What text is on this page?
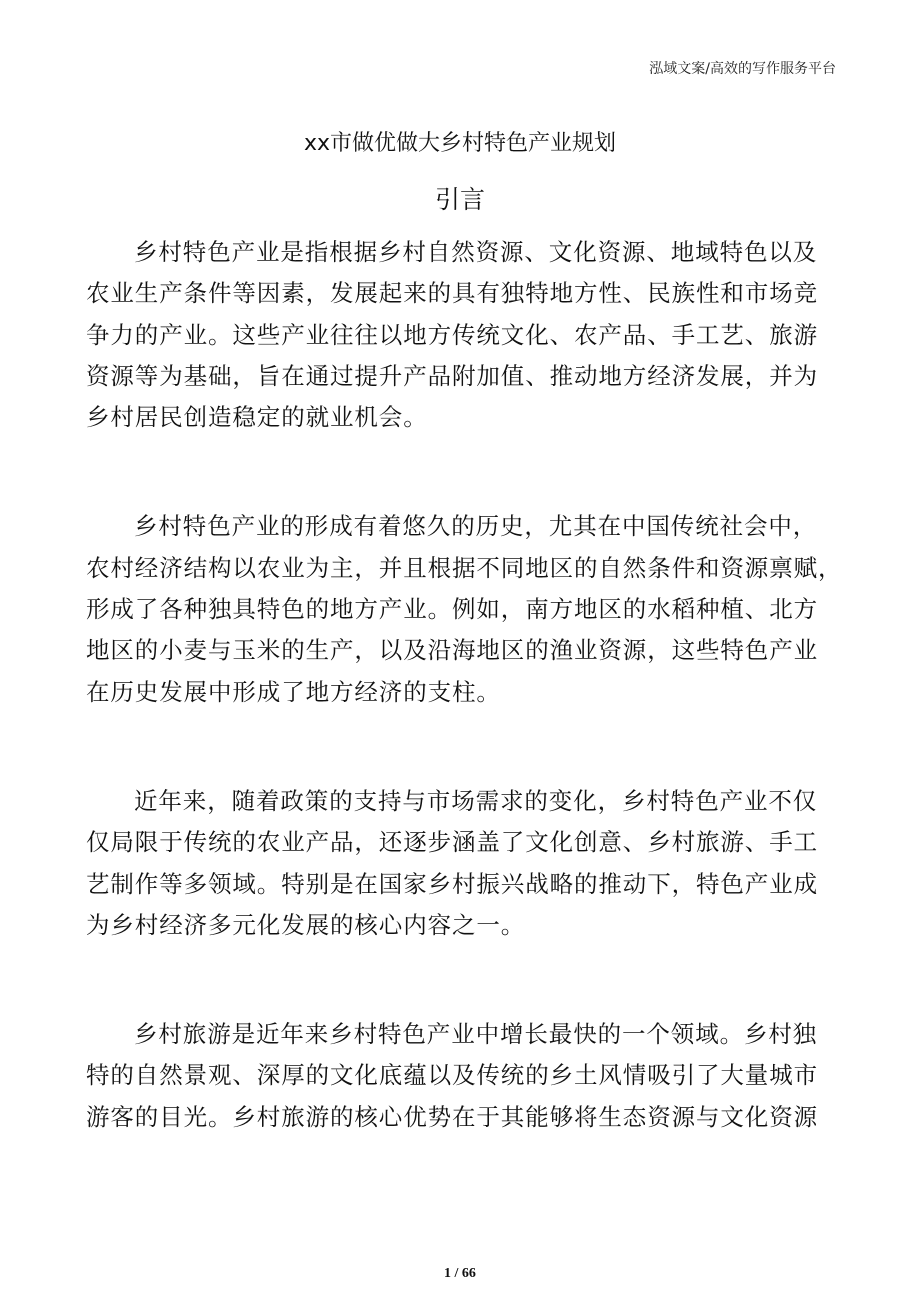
泓域文案/高效的写作服务平台
xx市做优做大乡村特色产业规划
引言
乡村特色产业是指根据乡村自然资源、文化资源、地域特色以及
农业生产条件等因素，发展起来的具有独特地方性、民族性和市场竞
争力的产业。这些产业往往以地方传统文化、农产品、手工艺、旅游
资源等为基础，旨在通过提升产品附加值、推动地方经济发展，并为
乡村居民创造稳定的就业机会。
乡村特色产业的形成有着悠久的历史，尤其在中国传统社会中，
农村经济结构以农业为主，并且根据不同地区的自然条件和资源禀赋，
形成了各种独具特色的地方产业。例如，南方地区的水稻种植、北方
地区的小麦与玉米的生产，以及沿海地区的渔业资源，这些特色产业
在历史发展中形成了地方经济的支柱。
近年来，随着政策的支持与市场需求的变化，乡村特色产业不仅
仅局限于传统的农业产品，还逐步涵盖了文化创意、乡村旅游、手工
艺制作等多领域。特别是在国家乡村振兴战略的推动下，特色产业成
为乡村经济多元化发展的核心内容之一。
乡村旅游是近年来乡村特色产业中增长最快的一个领域。乡村独
特的自然景观、深厚的文化底蕴以及传统的乡土风情吸引了大量城市
游客的目光。乡村旅游的核心优势在于其能够将生态资源与文化资源
1 / 66
